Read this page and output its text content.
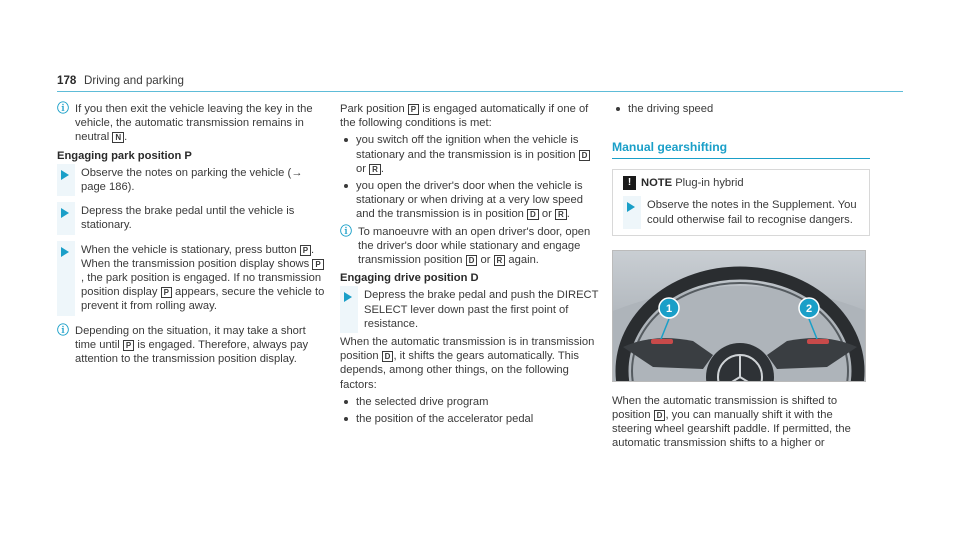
178 Driving and parking
ⓘ If you then exit the vehicle leaving the key in the vehicle, the automatic transmission remains in neutral N .
Engaging park position P
Observe the notes on parking the vehicle (→ page 186).
Depress the brake pedal until the vehicle is stationary.
When the vehicle is stationary, press button P . When the transmission position display shows P, the park position is engaged. If no transmission position display P appears, secure the vehicle to prevent it from rolling away.
ⓘ Depending on the situation, it may take a short time until P is engaged. Therefore, always pay attention to the transmission position display.
Park position P is engaged automatically if one of the following conditions is met:
you switch off the ignition when the vehicle is stationary and the transmission is in position D or R .
you open the driver's door when the vehicle is stationary or when driving at a very low speed and the transmission is in position D or R .
ⓘ To manoeuvre with an open driver's door, open the driver's door while stationary and engage transmission position D or R again.
Engaging drive position D
Depress the brake pedal and push the DIRECT SELECT lever down past the first point of resistance.
When the automatic transmission is in transmission position D , it shifts the gears automatically. This depends, among other things, on the following factors:
the selected drive program
the position of the accelerator pedal
the driving speed
Manual gearshifting
! NOTE Plug-in hybrid
Observe the notes in the Supplement. You could otherwise fail to recognise dangers.
1	2
When the automatic transmission is shifted to position D , you can manually shift it with the steering wheel gearshift paddle. If permitted, the automatic transmission shifts to a higher or
